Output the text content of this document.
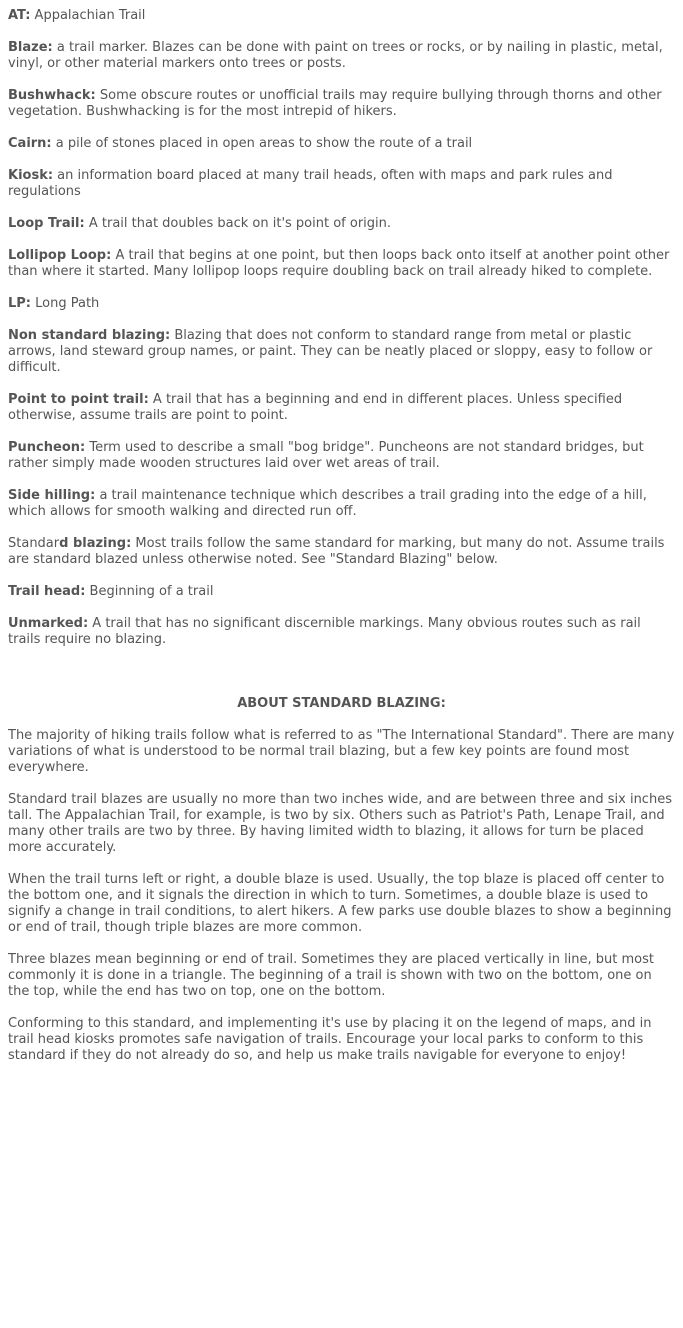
AT: Appalachian Trail
Blaze: a trail marker. Blazes can be done with paint on trees or rocks, or by nailing in plastic, metal, vinyl, or other material markers onto trees or posts.
Bushwhack: Some obscure routes or unofficial trails may require bullying through thorns and other vegetation. Bushwhacking is for the most intrepid of hikers.
Cairn: a pile of stones placed in open areas to show the route of a trail
Kiosk: an information board placed at many trail heads, often with maps and park rules and regulations
Loop Trail: A trail that doubles back on it's point of origin.
Lollipop Loop: A trail that begins at one point, but then loops back onto itself at another point other than where it started. Many lollipop loops require doubling back on trail already hiked to complete.
LP: Long Path
Non standard blazing: Blazing that does not conform to standard range from metal or plastic arrows, land steward group names, or paint. They can be neatly placed or sloppy, easy to follow or difficult.
Point to point trail: A trail that has a beginning and end in different places. Unless specified otherwise, assume trails are point to point.
Puncheon: Term used to describe a small "bog bridge". Puncheons are not standard bridges, but rather simply made wooden structures laid over wet areas of trail.
Side hilling: a trail maintenance technique which describes a trail grading into the edge of a hill, which allows for smooth walking and directed run off.
Standard blazing: Most trails follow the same standard for marking, but many do not. Assume trails are standard blazed unless otherwise noted. See "Standard Blazing" below.
Trail head: Beginning of a trail
Unmarked: A trail that has no significant discernible markings. Many obvious routes such as rail trails require no blazing.
ABOUT STANDARD BLAZING:
The majority of hiking trails follow what is referred to as "The International Standard". There are many variations of what is understood to be normal trail blazing, but a few key points are found most everywhere.
Standard trail blazes are usually no more than two inches wide, and are between three and six inches tall. The Appalachian Trail, for example, is two by six. Others such as Patriot's Path, Lenape Trail, and many other trails are two by three. By having limited width to blazing, it allows for turn be placed more accurately.
When the trail turns left or right, a double blaze is used. Usually, the top blaze is placed off center to the bottom one, and it signals the direction in which to turn. Sometimes, a double blaze is used to signify a change in trail conditions, to alert hikers. A few parks use double blazes to show a beginning or end of trail, though triple blazes are more common.
Three blazes mean beginning or end of trail. Sometimes they are placed vertically in line, but most commonly it is done in a triangle. The beginning of a trail is shown with two on the bottom, one on the top, while the end has two on top, one on the bottom.
Conforming to this standard, and implementing it's use by placing it on the legend of maps, and in trail head kiosks promotes safe navigation of trails. Encourage your local parks to conform to this standard if they do not already do so, and help us make trails navigable for everyone to enjoy!
